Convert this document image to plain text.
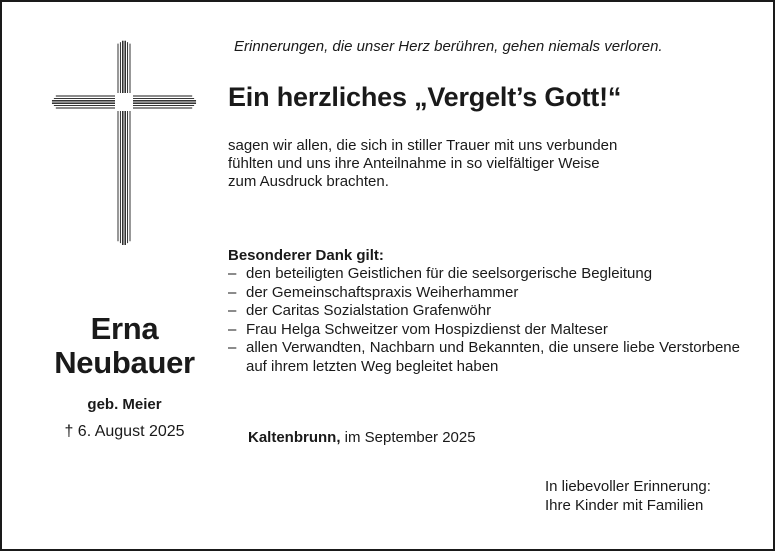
Erinnerungen, die unser Herz berühren, gehen niemals verloren.
Ein herzliches „Vergelt’s Gott!“
sagen wir allen, die sich in stiller Trauer mit uns verbunden
fühlten und uns ihre Anteilnahme in so vielfältiger Weise
zum Ausdruck brachten.
Besonderer Dank gilt:
– den beteiligten Geistlichen für die seelsorgerische Begleitung
– der Gemeinschaftspraxis Weiherhammer
– der Caritas Sozialstation Grafenwöhr
– Frau Helga Schweitzer vom Hospizdienst der Malteser
– allen Verwandten, Nachbarn und Bekannten, die unsere liebe Verstorbene auf ihrem letzten Weg begleitet haben
Erna
Neubauer
geb. Meier
† 6. August 2025	Kaltenbrunn, im September 2025
In liebevoller Erinnerung:
Ihre Kinder mit Familien
